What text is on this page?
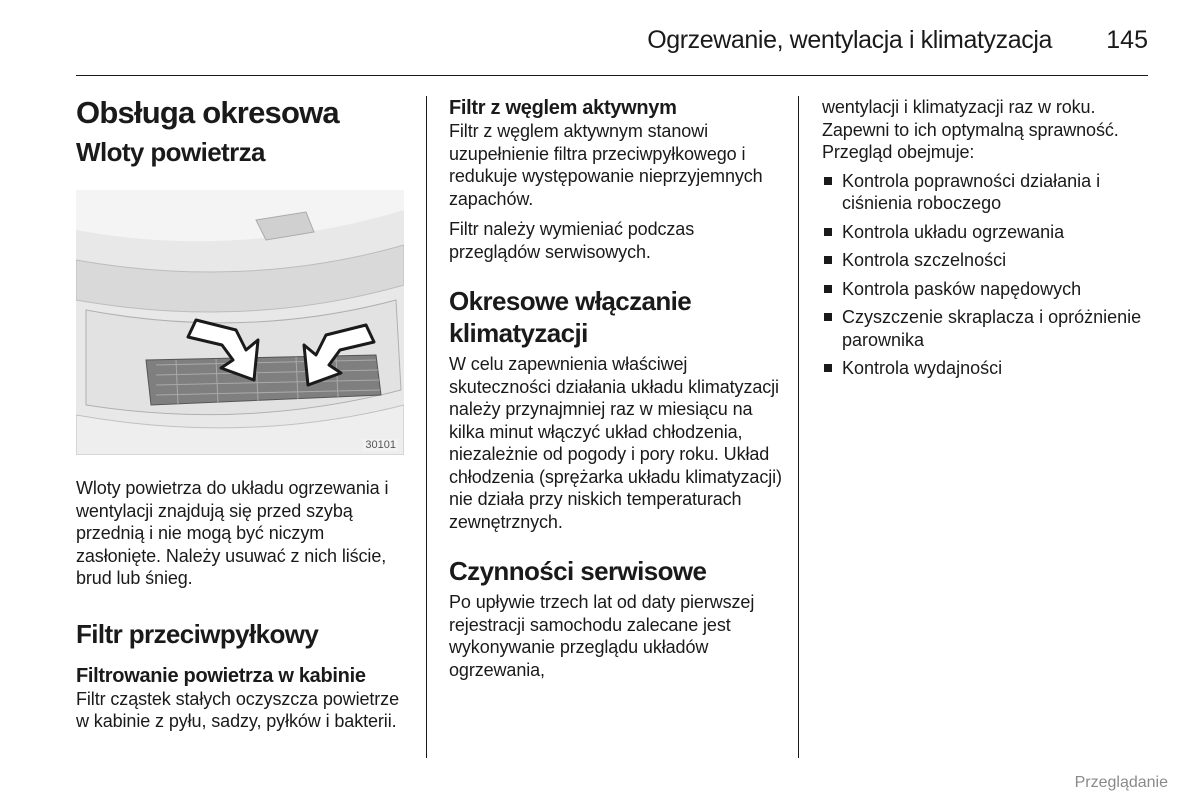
Ogrzewanie, wentylacja i klimatyzacja 145
Obsługa okresowa
Wloty powietrza
30101

Wloty powietrza do układu ogrzewania i wentylacji znajdują się przed szybą przednią i nie mogą być niczym zasłonięte. Należy usuwać z nich liście, brud lub śnieg.

Filtr przeciwpyłkowy
Filtrowanie powietrza w kabinie

Filtr cząstek stałych oczyszcza powietrze w kabinie z pyłu, sadzy, pyłków i bakterii.

Filtr z węglem aktywnym

Filtr z węglem aktywnym stanowi uzupełnienie filtra przeciwpyłkowego i redukuje występowanie nieprzyjemnych zapachów.

Filtr należy wymieniać podczas przeglądów serwisowych.

Okresowe włączanie klimatyzacji

W celu zapewnienia właściwej skuteczności działania układu klimatyzacji należy przynajmniej raz w miesiącu na kilka minut włączyć układ chłodzenia, niezależnie od pogody i pory roku. Układ chłodzenia (sprężarka układu klimatyzacji) nie działa przy niskich temperaturach zewnętrznych.

Czynności serwisowe

Po upływie trzech lat od daty pierwszej rejestracji samochodu zalecane jest wykonywanie przeglądu układów ogrzewania,

wentylacji i klimatyzacji raz w roku. Zapewni to ich optymalną sprawność. Przegląd obejmuje:

Kontrola poprawności działania i ciśnienia roboczego
Kontrola układu ogrzewania
Kontrola szczelności
Kontrola pasków napędowych
Czyszczenie skraplacza i opróżnienie parownika
Kontrola wydajności
Przeglądanie
